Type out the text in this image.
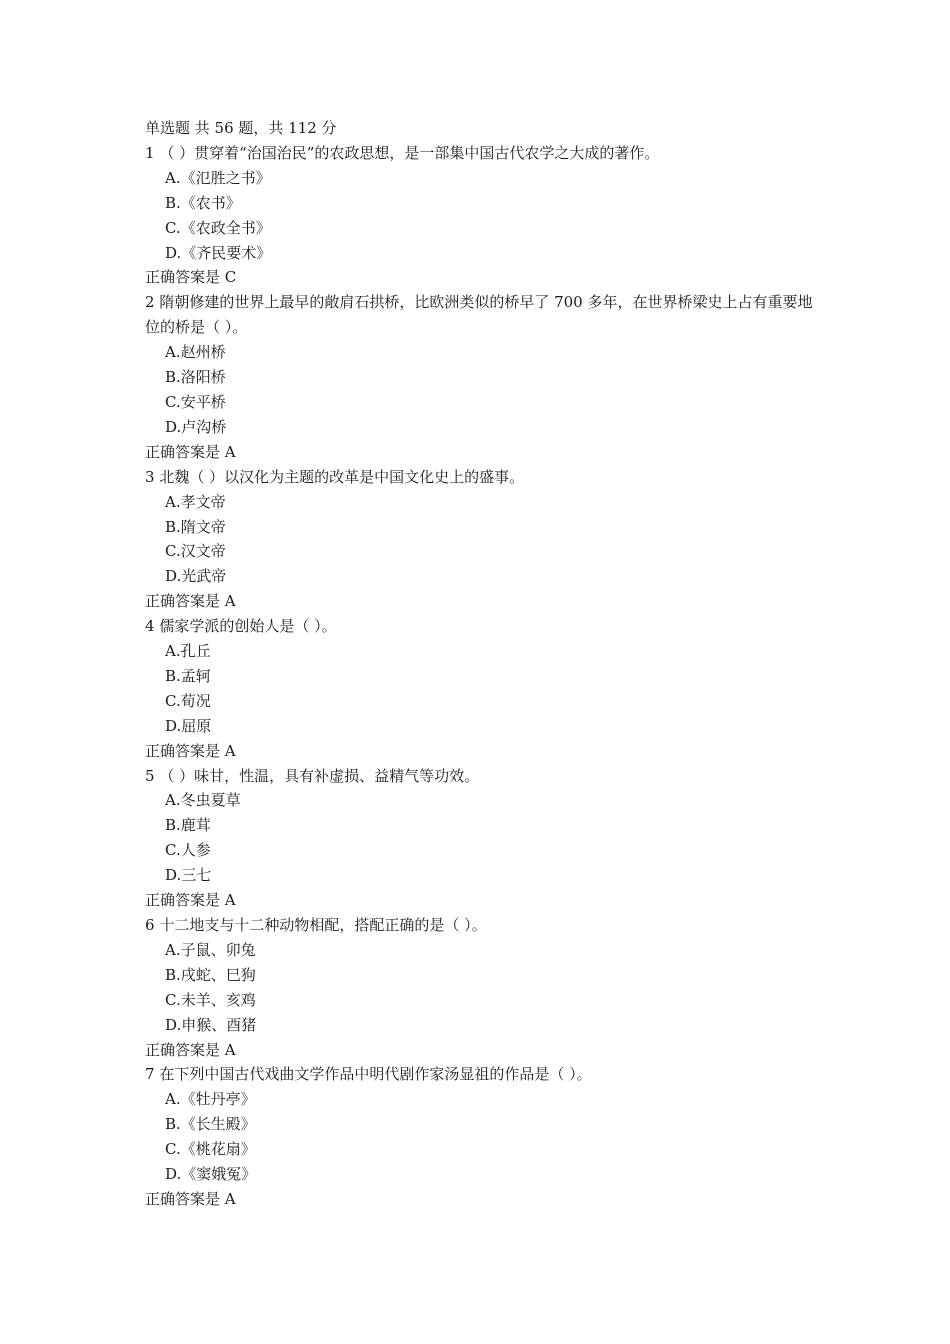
单选题 共 56 题，共 112 分
1 （ ）贯穿着“治国治民”的农政思想，是一部集中国古代农学之大成的著作。
A.《氾胜之书》
B.《农书》
C.《农政全书》
D.《齐民要术》
正确答案是 C
2 隋朝修建的世界上最早的敞肩石拱桥，比欧洲类似的桥早了 700 多年，在世界桥梁史上占有重要地位的桥是（ ）。
A.赵州桥
B.洛阳桥
C.安平桥
D.卢沟桥
正确答案是 A
3 北魏（ ）以汉化为主题的改革是中国文化史上的盛事。
A.孝文帝
B.隋文帝
C.汉文帝
D.光武帝
正确答案是 A
4 儒家学派的创始人是（ ）。
A.孔丘
B.孟轲
C.荀况
D.屈原
正确答案是 A
5 （ ）味甘，性温，具有补虚损、益精气等功效。
A.冬虫夏草
B.鹿茸
C.人参
D.三七
正确答案是 A
6 十二地支与十二种动物相配，搭配正确的是（ ）。
A.子鼠、卯兔
B.戌蛇、巳狗
C.未羊、亥鸡
D.申猴、酉猪
正确答案是 A
7 在下列中国古代戏曲文学作品中明代剧作家汤显祖的作品是（ ）。
A.《牡丹亭》
B.《长生殿》
C.《桃花扇》
D.《窦娥冤》
正确答案是 A
